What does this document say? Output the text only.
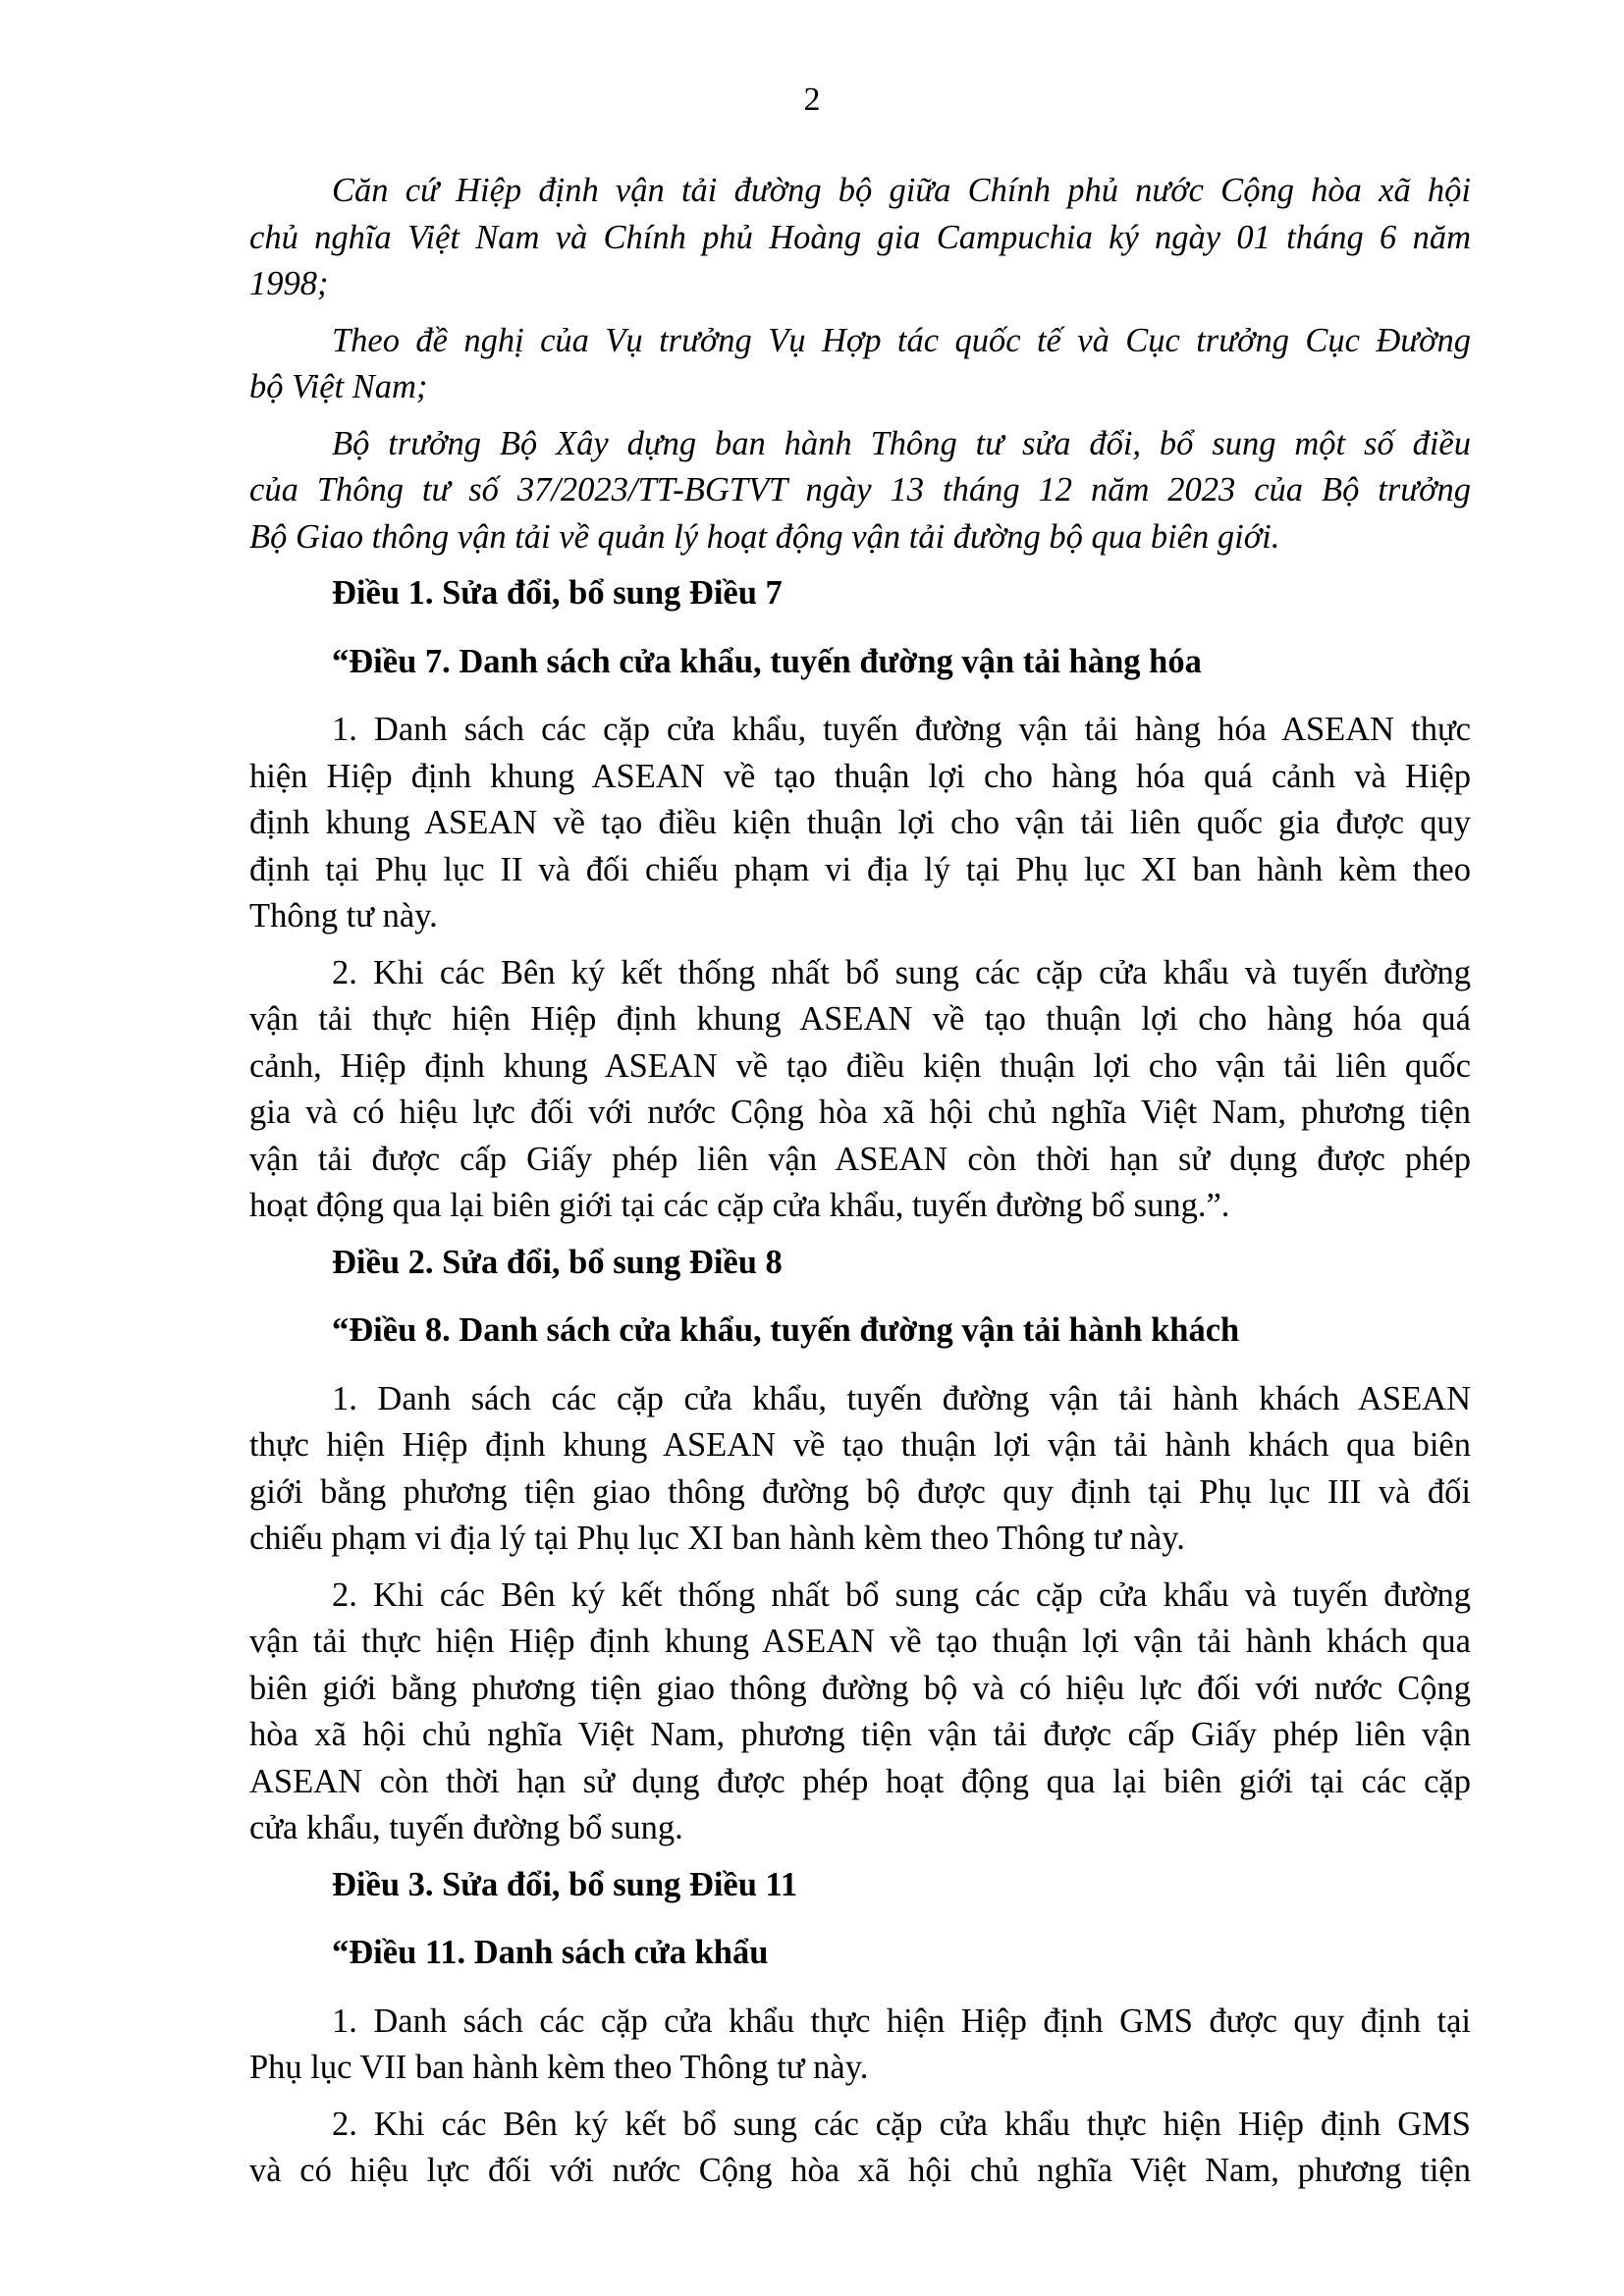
2
Căn cứ Hiệp định vận tải đường bộ giữa Chính phủ nước Cộng hòa xã hội
chủ nghĩa Việt Nam và Chính phủ Hoàng gia Campuchia ký ngày 01 tháng 6 năm
1998;
Theo đề nghị của Vụ trưởng Vụ Hợp tác quốc tế và Cục trưởng Cục Đường
bộ Việt Nam;
Bộ trưởng Bộ Xây dựng ban hành Thông tư sửa đổi, bổ sung một số điều
của Thông tư số 37/2023/TT-BGTVT ngày 13 tháng 12 năm 2023 của Bộ trưởng
Bộ Giao thông vận tải về quản lý hoạt động vận tải đường bộ qua biên giới.
Điều 1. Sửa đổi, bổ sung Điều 7
“Điều 7. Danh sách cửa khẩu, tuyến đường vận tải hàng hóa
1. Danh sách các cặp cửa khẩu, tuyến đường vận tải hàng hóa ASEAN thực
hiện Hiệp định khung ASEAN về tạo thuận lợi cho hàng hóa quá cảnh và Hiệp
định khung ASEAN về tạo điều kiện thuận lợi cho vận tải liên quốc gia được quy
định tại Phụ lục II và đối chiếu phạm vi địa lý tại Phụ lục XI ban hành kèm theo
Thông tư này.
2. Khi các Bên ký kết thống nhất bổ sung các cặp cửa khẩu và tuyến đường
vận tải thực hiện Hiệp định khung ASEAN về tạo thuận lợi cho hàng hóa quá
cảnh, Hiệp định khung ASEAN về tạo điều kiện thuận lợi cho vận tải liên quốc
gia và có hiệu lực đối với nước Cộng hòa xã hội chủ nghĩa Việt Nam, phương tiện
vận tải được cấp Giấy phép liên vận ASEAN còn thời hạn sử dụng được phép
hoạt động qua lại biên giới tại các cặp cửa khẩu, tuyến đường bổ sung.”.
Điều 2. Sửa đổi, bổ sung Điều 8
“Điều 8. Danh sách cửa khẩu, tuyến đường vận tải hành khách
1. Danh sách các cặp cửa khẩu, tuyến đường vận tải hành khách ASEAN
thực hiện Hiệp định khung ASEAN về tạo thuận lợi vận tải hành khách qua biên
giới bằng phương tiện giao thông đường bộ được quy định tại Phụ lục III và đối
chiếu phạm vi địa lý tại Phụ lục XI ban hành kèm theo Thông tư này.
2. Khi các Bên ký kết thống nhất bổ sung các cặp cửa khẩu và tuyến đường
vận tải thực hiện Hiệp định khung ASEAN về tạo thuận lợi vận tải hành khách qua
biên giới bằng phương tiện giao thông đường bộ và có hiệu lực đối với nước Cộng
hòa xã hội chủ nghĩa Việt Nam, phương tiện vận tải được cấp Giấy phép liên vận
ASEAN còn thời hạn sử dụng được phép hoạt động qua lại biên giới tại các cặp
cửa khẩu, tuyến đường bổ sung.
Điều 3. Sửa đổi, bổ sung Điều 11
“Điều 11. Danh sách cửa khẩu
1. Danh sách các cặp cửa khẩu thực hiện Hiệp định GMS được quy định tại
Phụ lục VII ban hành kèm theo Thông tư này.
2. Khi các Bên ký kết bổ sung các cặp cửa khẩu thực hiện Hiệp định GMS
và có hiệu lực đối với nước Cộng hòa xã hội chủ nghĩa Việt Nam, phương tiện
